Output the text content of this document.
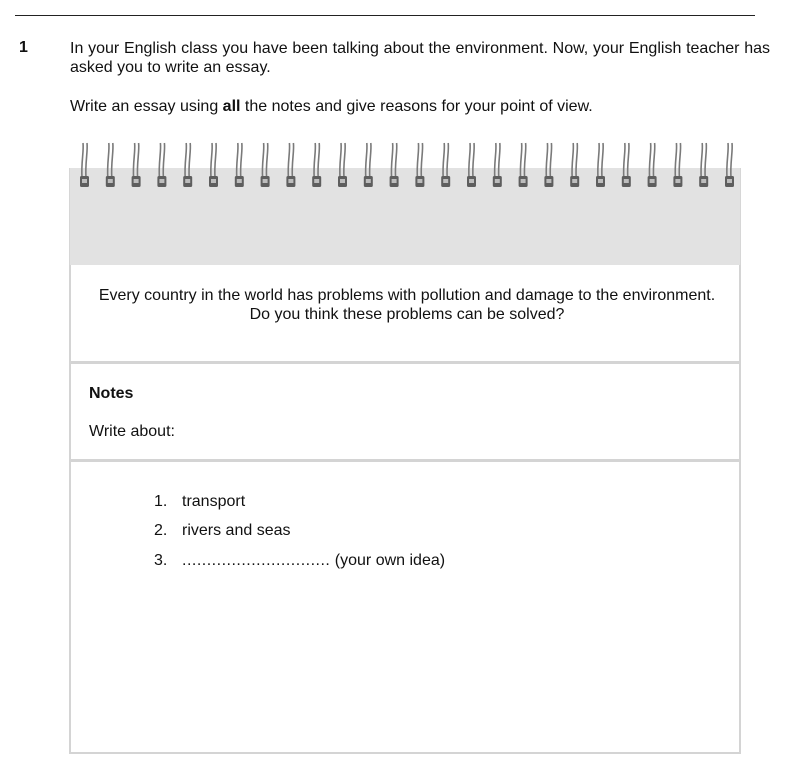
1	In your English class you have been talking about the environment. Now, your English teacher has asked you to write an essay.
Write an essay using all the notes and give reasons for your point of view.
Every country in the world has problems with pollution and damage to the environment.
Do you think these problems can be solved?
Notes
Write about:
1. transport
2. rivers and seas
3. .............................. (your own idea)
